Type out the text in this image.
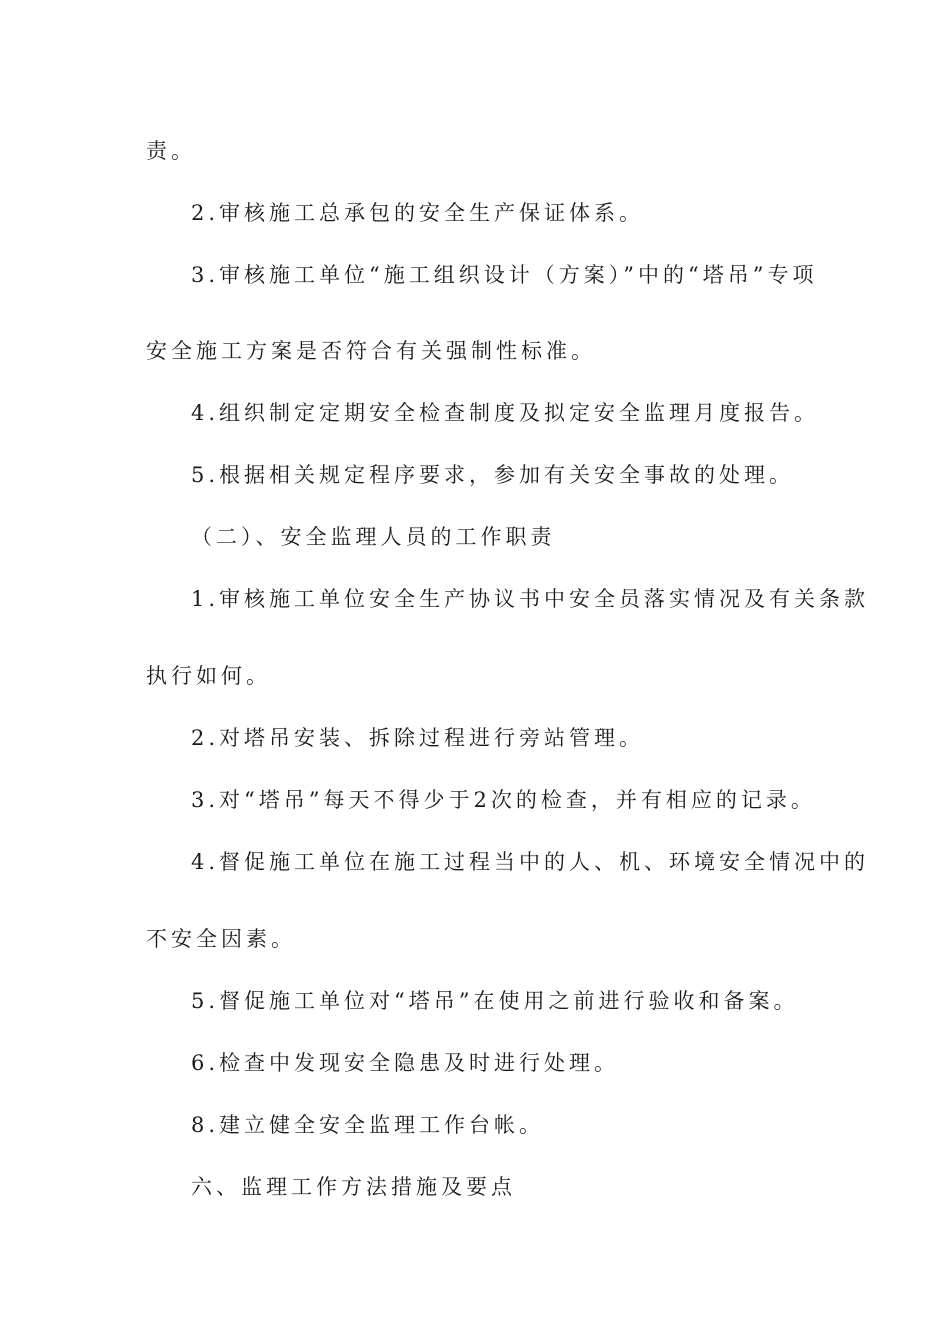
责。
2.审核施工总承包的安全生产保证体系。
3.审核施工单位“施工组织设计（方案）”中的“塔吊”专项
安全施工方案是否符合有关强制性标准。
4.组织制定定期安全检查制度及拟定安全监理月度报告。
5.根据相关规定程序要求，参加有关安全事故的处理。
（二）、安全监理人员的工作职责
1.审核施工单位安全生产协议书中安全员落实情况及有关条款
执行如何。
2.对塔吊安装、拆除过程进行旁站管理。
3.对“塔吊”每天不得少于2次的检查，并有相应的记录。
4.督促施工单位在施工过程当中的人、机、环境安全情况中的
不安全因素。
5.督促施工单位对“塔吊”在使用之前进行验收和备案。
6.检查中发现安全隐患及时进行处理。
8.建立健全安全监理工作台帐。
六、监理工作方法措施及要点
